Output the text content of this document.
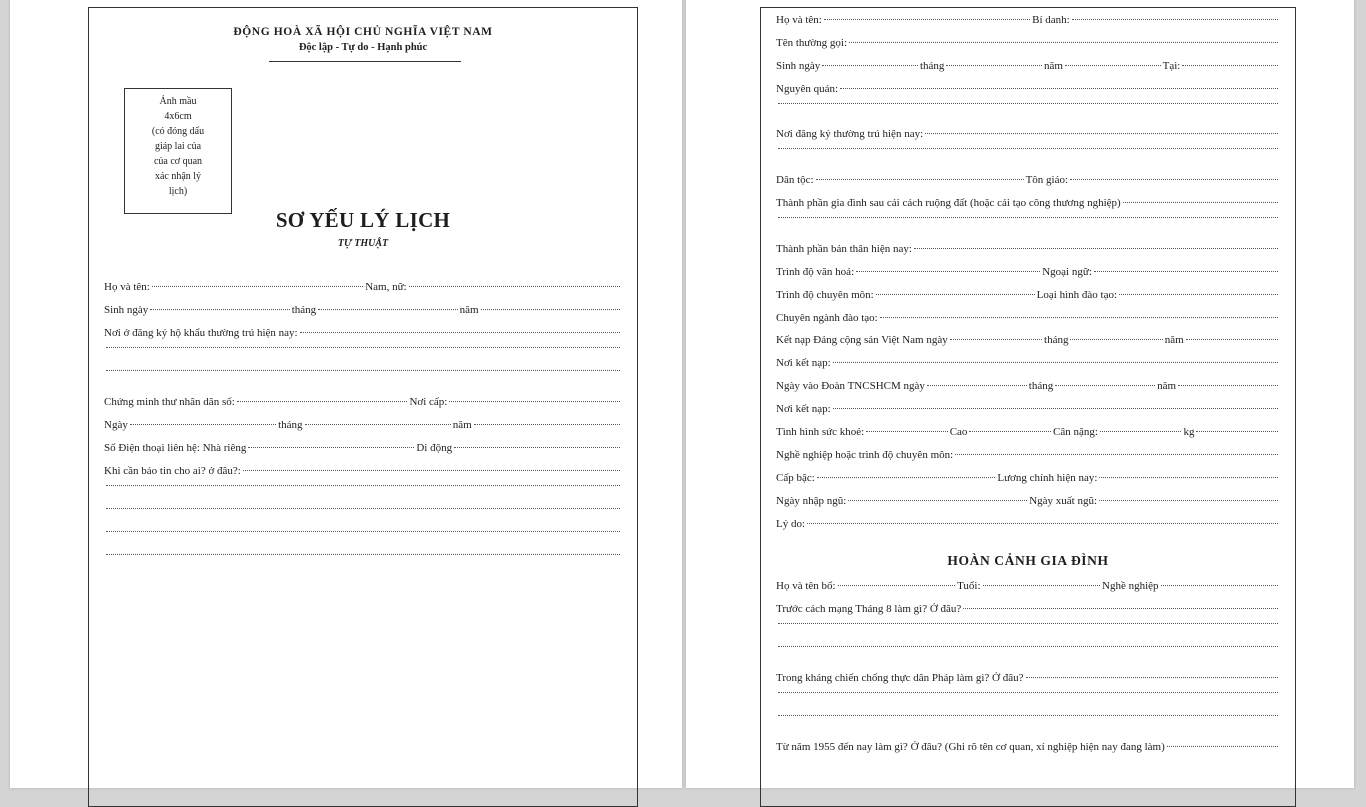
ĐỘNG HOÀ XÃ HỘI CHỦ NGHĨA VIỆT NAM
Độc lập - Tự do - Hạnh phúc
Ảnh mầu
4x6cm
(có đóng dấu
giáp lai của
của cơ quan
xác nhận lý
lịch)
SƠ YẾU LÝ LỊCH
TỰ THUẬT
Họ và tên:	Nam, nữ:
Sinh ngày	tháng	năm
Nơi ở đăng ký hộ khẩu thường trú hiện nay:
Chứng minh thư nhân dân số:	Nơi cấp:
Ngày	tháng	năm
Số Điện thoại liên hệ: Nhà riêng	Di động
Khi cần báo tin cho ai? ở đâu?:
Họ và tên:	Bí danh:
Tên thường gọi:
Sinh ngày	tháng	năm	Tại:
Nguyên quán:
Nơi đăng ký thường trú hiện nay:
Dân tộc:	Tôn giáo:
Thành phần gia đình sau cải cách ruộng đất (hoặc cải tạo công thương nghiệp)
Thành phần bản thân hiện nay:
Trình độ văn hoá:	Ngoại ngữ:
Trình độ chuyên môn:	Loại hình đào tạo:
Chuyên ngành đào tạo:
Kết nạp Đảng cộng sản Việt Nam ngày	tháng	năm
Nơi kết nạp:
Ngày vào Đoàn TNCSHCM ngày	tháng	năm
Nơi kết nạp:
Tình hình sức khoẻ:	Cao	Cân nặng:	kg
Nghề nghiệp hoặc trình độ chuyên môn:
Cấp bậc:	Lương chính hiện nay:
Ngày nhập ngũ:	Ngày xuất ngũ:
Lý do:
HOÀN CẢNH GIA ĐÌNH
Họ và tên bố:	Tuổi:	Nghề nghiệp
Trước cách mạng Tháng 8 làm gì? Ở đâu?
Trong kháng chiến chống thực dân Pháp làm gì? Ở đâu?
Từ năm 1955 đến nay làm gì? Ở đâu? (Ghi rõ tên cơ quan, xí nghiệp hiện nay đang làm)
